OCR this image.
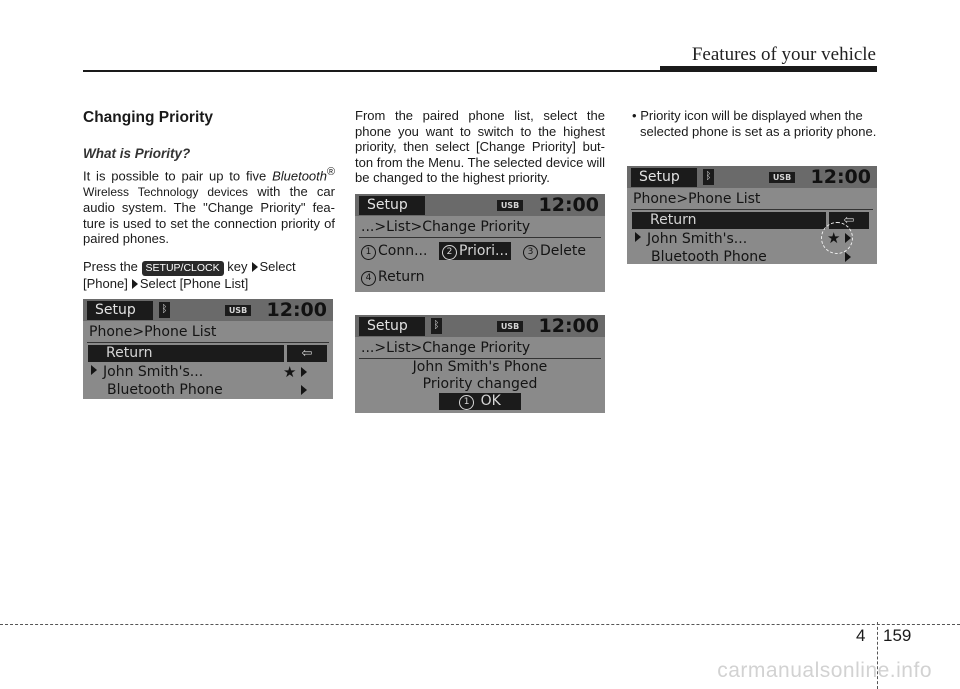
Features of your vehicle
Changing Priority
What is Priority?

It is possible to pair up to five Bluetooth® Wireless Technology devices with the car audio system. The "Change Priority" fea-ture is used to set the connection priority of paired phones.

Press the SETUP/CLOCK key Select [Phone] Select [Phone List]

From the paired phone list, select the phone you want to switch to the highest priority, then select [Change Priority] but-ton from the Menu. The selected device will be changed to the highest priority.

• Priority icon will be displayed when the selected phone is set as a priority phone.

Setup	ᛒ	USB 12:00
Phone>Phone List
Return	⇦
John Smith's...	★
Bluetooth Phone
Setup	USB 12:00
...>List>Change Priority
1 Conn...	2 Priori...	3 Delete
4 Return
Setup	ᛒ	USB 12:00
...>List>Change Priority
John Smith's Phone
Priority changed
1 OK
Setup	ᛒ	USB 12:00
Phone>Phone List
Return	⇦
John Smith's...	★
Bluetooth Phone
4 159
carmanualsonline.info
